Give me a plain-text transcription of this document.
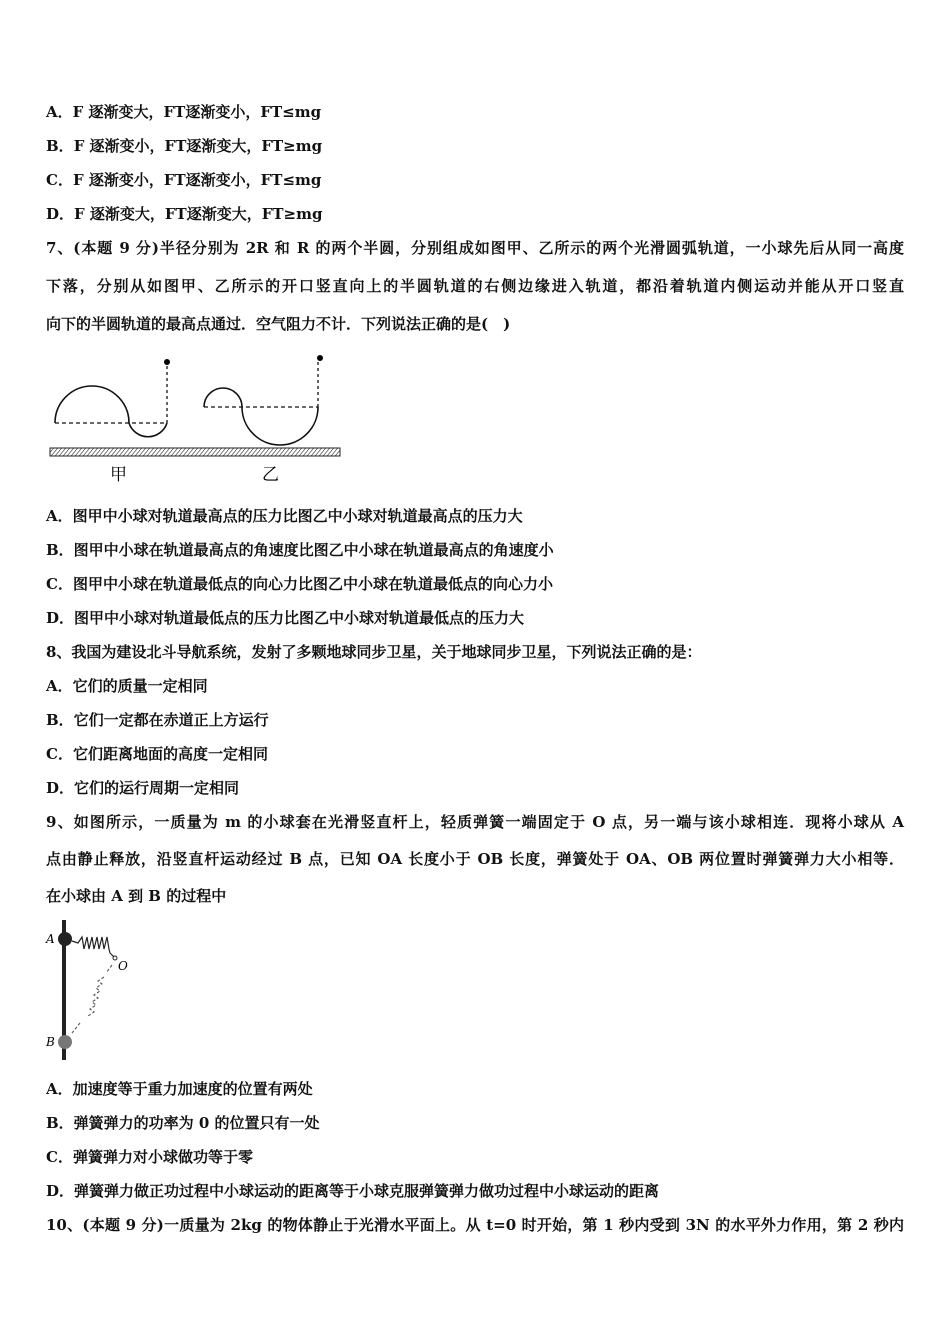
A．F 逐渐变大，FT逐渐变小，FT≤mg
B．F 逐渐变小，FT逐渐变大，FT≥mg
C．F 逐渐变小，FT逐渐变小，FT≤mg
D．F 逐渐变大，FT逐渐变大，FT≥mg
7、(本题 9 分)半径分别为 2R 和 R 的两个半圆，分别组成如图甲、乙所示的两个光滑圆弧轨道，一小球先后从同一高度
下落，分别从如图甲、乙所示的开口竖直向上的半圆轨道的右侧边缘进入轨道，都沿着轨道内侧运动并能从开口竖直
向下的半圆轨道的最高点通过．空气阻力不计．下列说法正确的是(　)
甲	乙
A．图甲中小球对轨道最高点的压力比图乙中小球对轨道最高点的压力大
B．图甲中小球在轨道最高点的角速度比图乙中小球在轨道最高点的角速度小
C．图甲中小球在轨道最低点的向心力比图乙中小球在轨道最低点的向心力小
D．图甲中小球对轨道最低点的压力比图乙中小球对轨道最低点的压力大
8、我国为建设北斗导航系统，发射了多颗地球同步卫星，关于地球同步卫星，下列说法正确的是：
A．它们的质量一定相同
B．它们一定都在赤道正上方运行
C．它们距离地面的高度一定相同
D．它们的运行周期一定相同
9、如图所示，一质量为 m 的小球套在光滑竖直杆上，轻质弹簧一端固定于 O 点，另一端与该小球相连．现将小球从 A
点由静止释放，沿竖直杆运动经过 B 点，已知 OA 长度小于 OB 长度，弹簧处于 OA、OB 两位置时弹簧弹力大小相等．
在小球由 A 到 B 的过程中
A
O
B
A．加速度等于重力加速度的位置有两处
B．弹簧弹力的功率为 0 的位置只有一处
C．弹簧弹力对小球做功等于零
D．弹簧弹力做正功过程中小球运动的距离等于小球克服弹簧弹力做功过程中小球运动的距离
10、(本题 9 分)一质量为 2kg 的物体静止于光滑水平面上。从 t=0 时开始，第 1 秒内受到 3N 的水平外力作用，第 2 秒内
